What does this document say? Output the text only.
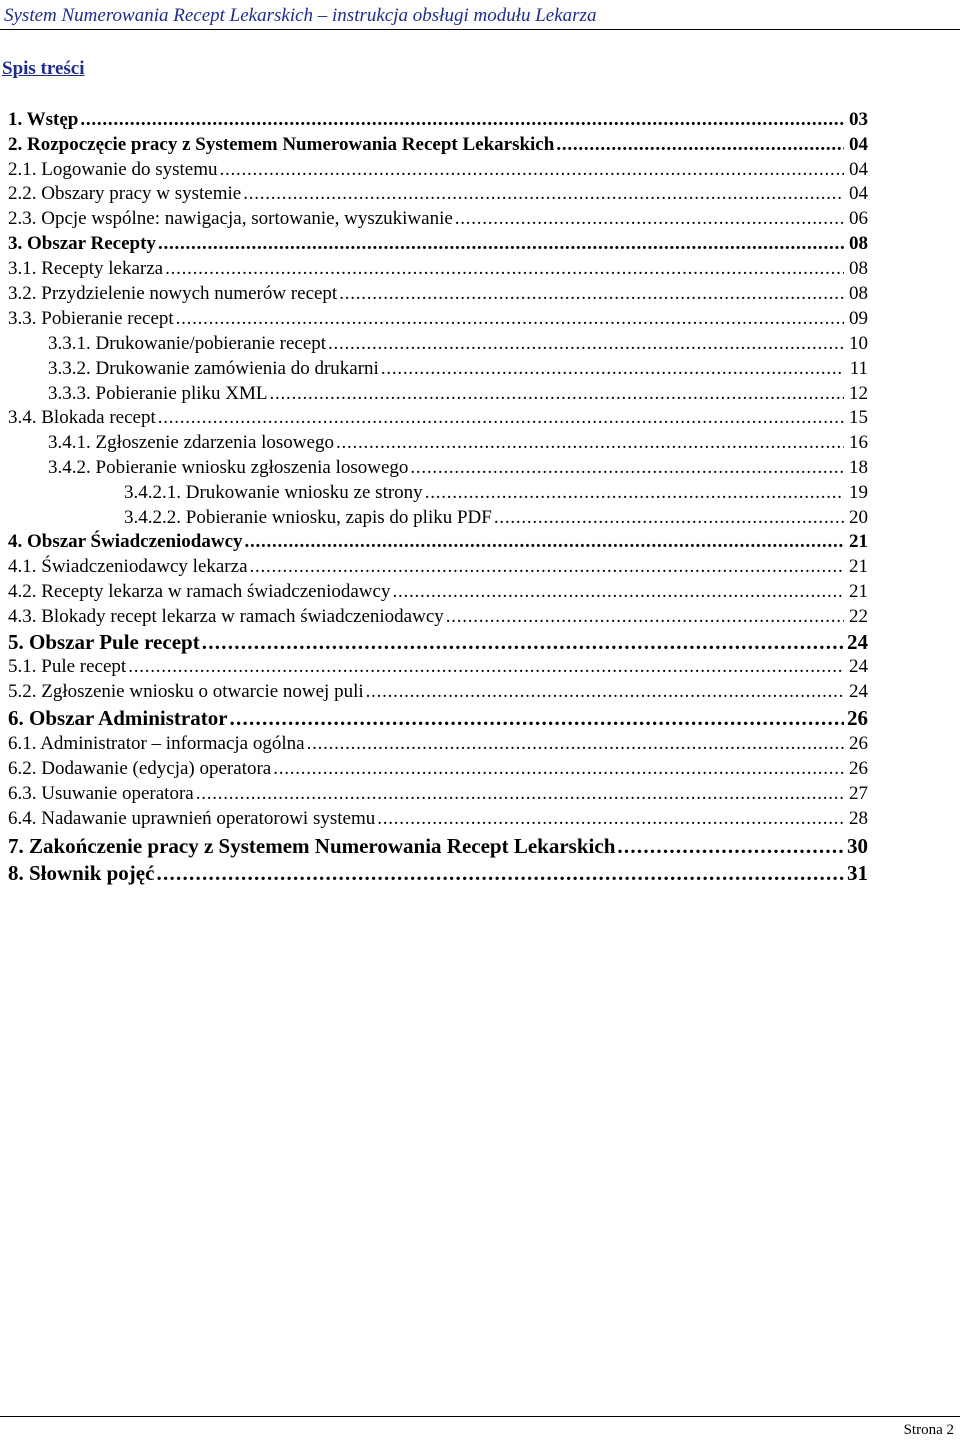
System Numerowania Recept Lekarskich – instrukcja obsługi modułu Lekarza
Spis treści
1. Wstęp . . .	03
2. Rozpoczęcie pracy z Systemem Numerowania Recept Lekarskich . . .	04
2.1. Logowanie do systemu . . .	04
2.2. Obszary pracy w systemie . . .	04
2.3. Opcje wspólne: nawigacja, sortowanie, wyszukiwanie . . .	06
3. Obszar Recepty . . .	08
3.1. Recepty lekarza . . .	08
3.2. Przydzielenie nowych numerów recept . . .	08
3.3. Pobieranie recept . . .	09
3.3.1. Drukowanie/pobieranie recept . . .	10
3.3.2. Drukowanie zamówienia do drukarni . . .	11
3.3.3. Pobieranie pliku XML . . .	12
3.4. Blokada recept . . .	15
3.4.1. Zgłoszenie zdarzenia losowego . . .	16
3.4.2. Pobieranie wniosku zgłoszenia losowego . . .	18
3.4.2.1. Drukowanie wniosku ze strony . . .	19
3.4.2.2. Pobieranie wniosku, zapis do pliku PDF . . .	20
4. Obszar Świadczeniodawcy . . .	21
4.1. Świadczeniodawcy lekarza . . .	21
4.2. Recepty lekarza w ramach świadczeniodawcy . . .	21
4.3. Blokady recept lekarza w ramach świadczeniodawcy . . .	22
5. Obszar Pule recept . . .	24
5.1. Pule recept . . .	24
5.2. Zgłoszenie wniosku o otwarcie nowej puli . . .	24
6. Obszar Administrator . . .	26
6.1. Administrator – informacja ogólna . . .	26
6.2. Dodawanie (edycja) operatora . . .	26
6.3. Usuwanie operatora . . .	27
6.4. Nadawanie uprawnień operatorowi systemu . . .	28
7. Zakończenie pracy z Systemem Numerowania Recept Lekarskich . . .	30
8. Słownik pojęć . . .	31
Strona 2
